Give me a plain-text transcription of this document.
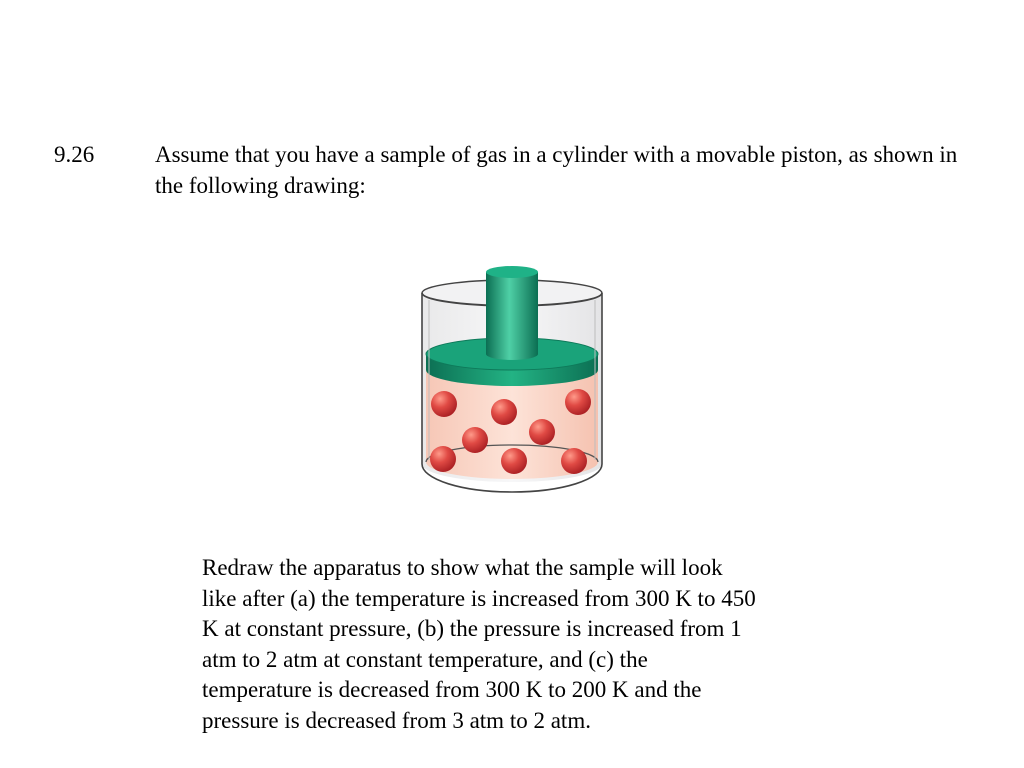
9.26	Assume that you have a sample of gas in a cylinder with a movable piston, as shown in the following drawing:
Redraw the apparatus to show what the sample will look
like after (a) the temperature is increased from 300 K to 450
K at constant pressure, (b) the pressure is increased from 1
atm to 2 atm at constant temperature, and (c) the
temperature is decreased from 300 K to 200 K and the
pressure is decreased from 3 atm to 2 atm.
